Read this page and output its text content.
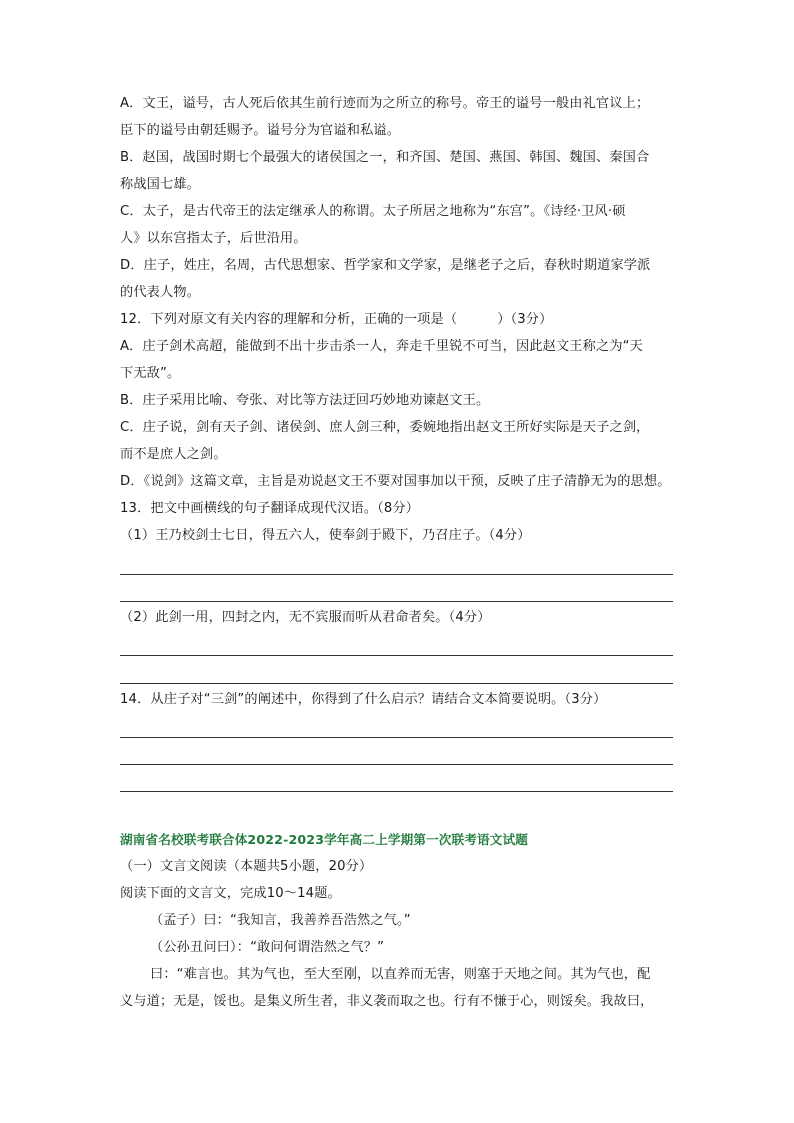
A．文王，谥号，古人死后依其生前行迹而为之所立的称号。帝王的谥号一般由礼官议上；
臣下的谥号由朝廷赐予。谥号分为官谥和私谥。
B．赵国，战国时期七个最强大的诸侯国之一，和齐国、楚国、燕国、韩国、魏国、秦国合
称战国七雄。
C．太子，是古代帝王的法定继承人的称谓。太子所居之地称为“东宫”。《诗经·卫风·硕
人》以东宫指太子，后世沿用。
D．庄子，姓庄，名周，古代思想家、哲学家和文学家，是继老子之后，春秋时期道家学派
的代表人物。
12．下列对原文有关内容的理解和分析，正确的一项是（　　　）（3分）
A．庄子剑术高超，能做到不出十步击杀一人，奔走千里锐不可当，因此赵文王称之为“天
下无敌”。
B．庄子采用比喻、夸张、对比等方法迂回巧妙地劝谏赵文王。
C．庄子说，剑有天子剑、诸侯剑、庶人剑三种，委婉地指出赵文王所好实际是天子之剑，
而不是庶人之剑。
D．《说剑》这篇文章，主旨是劝说赵文王不要对国事加以干预，反映了庄子清静无为的思想。
13．把文中画横线的句子翻译成现代汉语。（8分）
（1）王乃校剑士七日，得五六人，使奉剑于殿下，乃召庄子。（4分）
（2）此剑一用，四封之内，无不宾服而听从君命者矣。（4分）
14．从庄子对“三剑”的阐述中，你得到了什么启示？请结合文本简要说明。（3分）
湖南省名校联考联合体2022-2023学年高二上学期第一次联考语文试题
（一）文言文阅读（本题共5小题，20分）
阅读下面的文言文，完成10～14题。
（孟子）曰：“我知言，我善养吾浩然之气。”
（公孙丑问曰）：“敢问何谓浩然之气？”
曰：“难言也。其为气也，至大至刚，以直养而无害，则塞于天地之间。其为气也，配
义与道；无是，馁也。是集义所生者，非义袭而取之也。行有不慊于心，则馁矣。我故曰，
